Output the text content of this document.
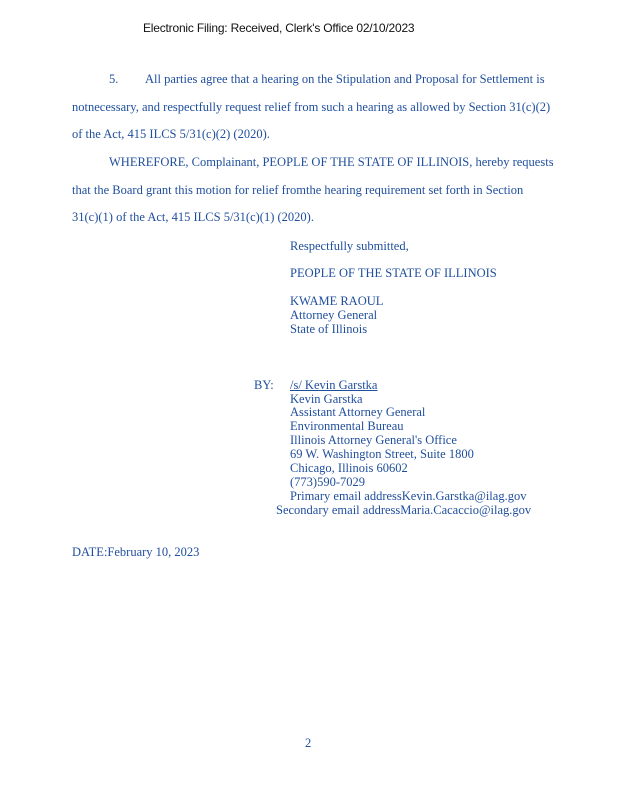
Electronic Filing: Received, Clerk's Office 02/10/2023
5. All parties agree that a hearing on the Stipulation and Proposal for Settlement is
notnecessary, and respectfully request relief from such a hearing as allowed by Section 31(c)(2)
of the Act, 415 ILCS 5/31(c)(2) (2020).
WHEREFORE, Complainant, PEOPLE OF THE STATE OF ILLINOIS, hereby requests
that the Board grant this motion for relief fromthe hearing requirement set forth in Section
31(c)(1) of the Act, 415 ILCS 5/31(c)(1) (2020).
Respectfully submitted,
PEOPLE OF THE STATE OF ILLINOIS
KWAME RAOUL
Attorney General
State of Illinois
BY: /s/ Kevin Garstka
Kevin Garstka
Assistant Attorney General
Environmental Bureau
Illinois Attorney General's Office
69 W. Washington Street, Suite 1800
Chicago, Illinois 60602
(773)590-7029
Primary email addressKevin.Garstka@ilag.gov
Secondary email addressMaria.Cacaccio@ilag.gov
DATE:February 10, 2023
2
